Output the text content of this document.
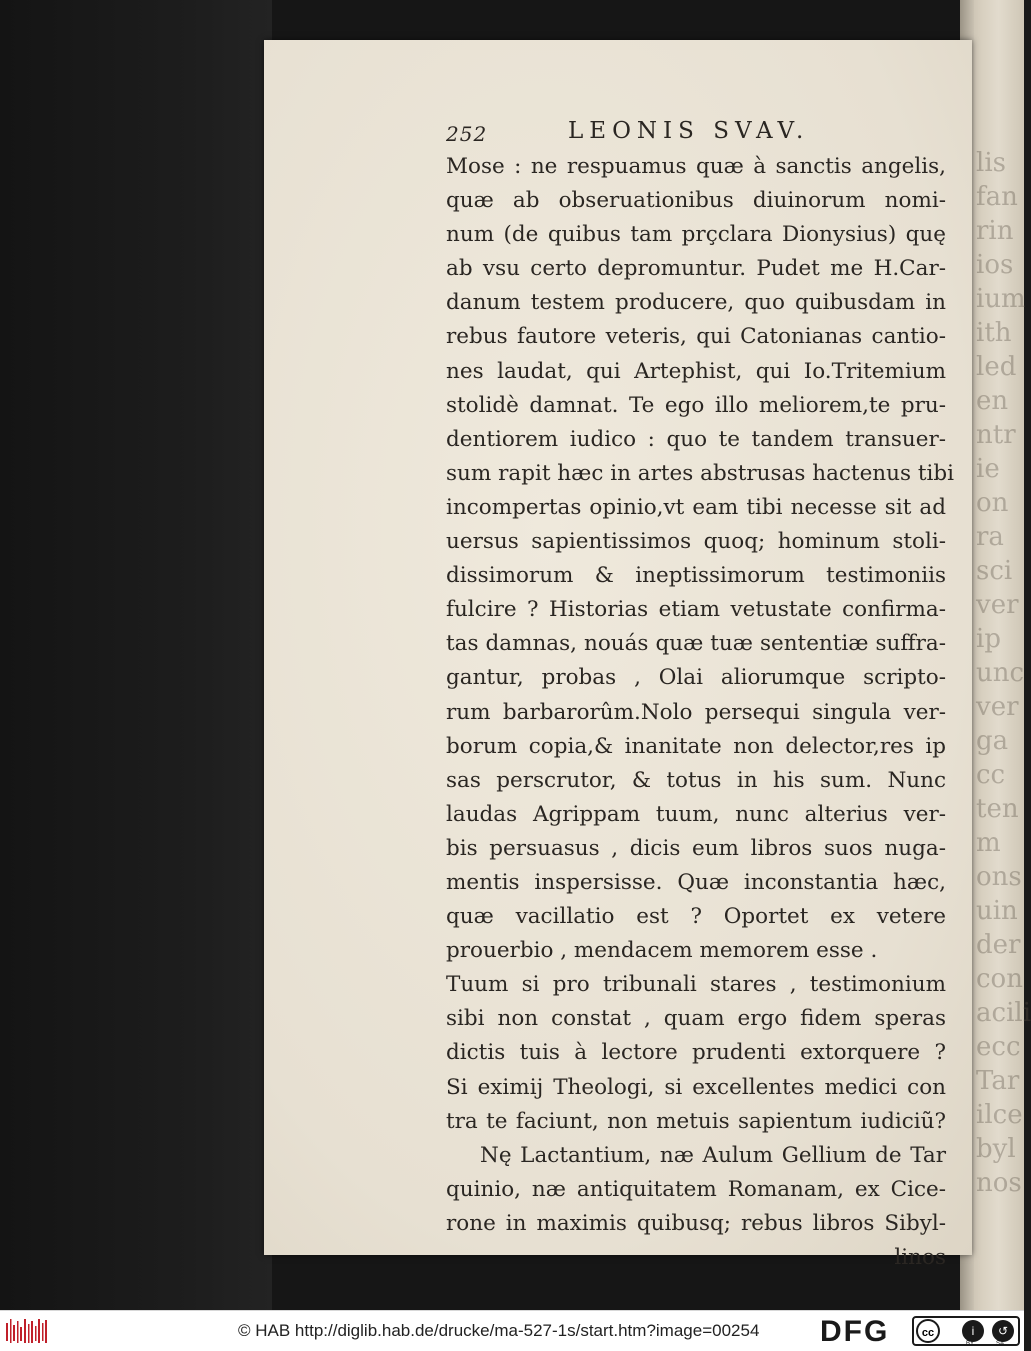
lis
fan
rin
ios
ium
ith
led
en
ntr
ie
on
ra
sci
ver
ip
unc
ver
ga
cc
ten
m
ons
uin
der
con
acili
ecc
Tar
ilce
byl
nos
252	LEONIS SVAV.
Mose : ne respuamus quæ à sanctis angelis,
quæ ab obseruationibus diuinorum nomi-
num (de quibus tam prçclara Dionysius) quę
ab vsu certo depromuntur. Pudet me H.Car-
danum testem producere, quo quibusdam in
rebus fautore veteris, qui Catonianas cantio-
nes laudat, qui Artephist, qui Io.Tritemium
stolidè damnat. Te ego illo meliorem,te pru-
dentiorem iudico : quo te tandem transuer-
sum rapit hæc in artes abstrusas hactenus tibi
incompertas opinio,vt eam tibi necesse sit ad
uersus sapientissimos quoq; hominum stoli-
dissimorum & ineptissimorum testimoniis
fulcire ? Historias etiam vetustate confirma-
tas damnas, nouás quæ tuæ sententiæ suffra-
gantur, probas , Olai aliorumque scripto-
rum barbarorûm.Nolo persequi singula ver-
borum copia,& inanitate non delector,res ip
sas perscrutor, & totus in his sum. Nunc
laudas Agrippam tuum, nunc alterius ver-
bis persuasus , dicis eum libros suos nuga-
mentis inspersisse. Quæ inconstantia hæc,
quæ vacillatio est ? Oportet ex vetere
prouerbio , mendacem memorem esse .
Tuum si pro tribunali stares , testimonium
sibi non constat , quam ergo fidem speras
dictis tuis à lectore prudenti extorquere ?
Si eximij Theologi, si excellentes medici con
tra te faciunt, non metuis sapientum iudiciũ?
Nę Lactantium, næ Aulum Gellium de Tar
quinio, næ antiquitatem Romanam, ex Cice-
rone in maximis quibusq; rebus libros Sibyl-
linos
© HAB http://diglib.hab.de/drucke/ma-527-1s/start.htm?image=00254 DFG	cc	i	↺
BY	SA
